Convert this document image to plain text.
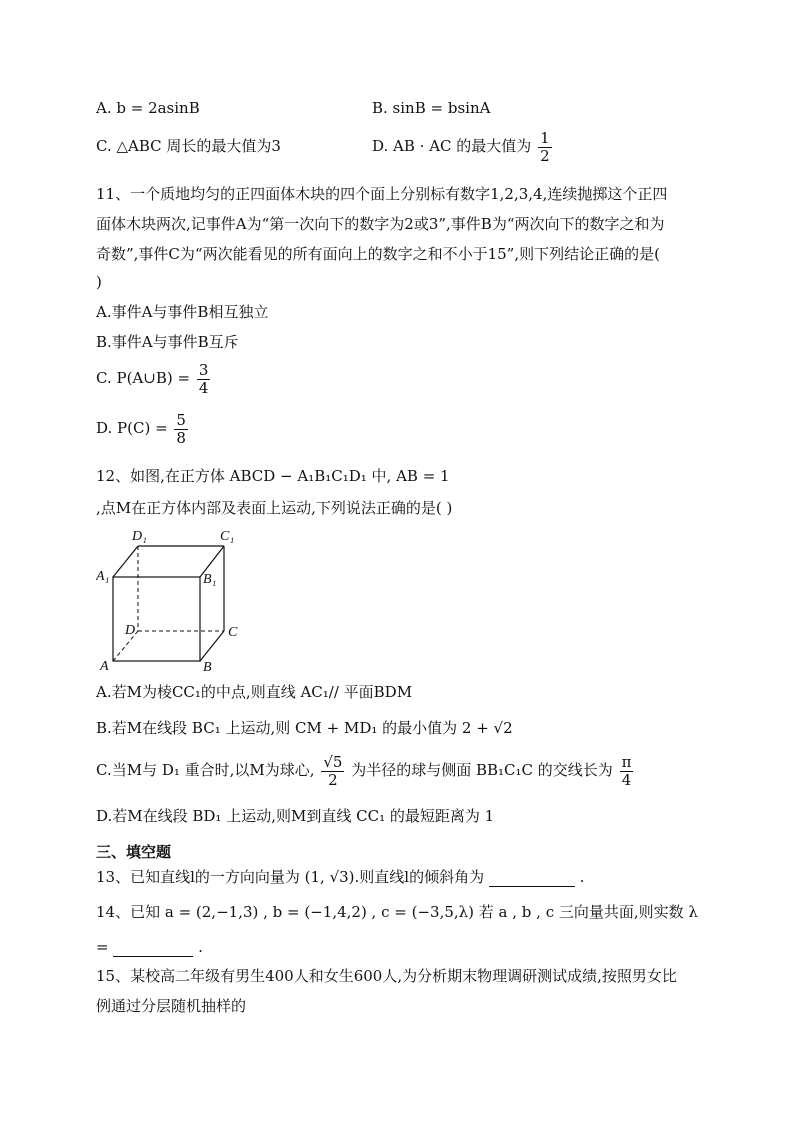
A. b = 2asinB	B. sinB = bsinA
C. △ABC 周长的最大值为3	D. AB · AC 的最大值为 $\frac{1}{2}$
11、一个质地均匀的正四面体木块的四个面上分别标有数字1,2,3,4,连续抛掷这个正四
面体木块两次,记事件A为“第一次向下的数字为2或3”,事件B为“两次向下的数字之和为
奇数”,事件C为“两次能看见的所有面向上的数字之和不小于15”,则下列结论正确的是(
)
A.事件A与事件B相互独立
B.事件A与事件B互斥
C. P(A∪B) = $\frac{3}{4}$
D. $P(C) = \frac{5}{8}$
12、如图,在正方体 ABCD − A₁B₁C₁D₁ 中, AB = 1
,点M在正方体内部及表面上运动,下列说法正确的是( )
D₁	C₁
A₁	B₁
D	C
A	B
A.若M为棱CC₁的中点,则直线 AC₁// 平面BDM
B.若M在线段 BC₁ 上运动,则 CM + MD₁ 的最小值为 2 + √2
C.当M与 D₁ 重合时,以M为球心, $\frac{√5}{2}$ 为半径的球与侧面 BB₁C₁C 的交线长为 $\frac{\pi}{4}$
D.若M在线段 BD₁ 上运动,则M到直线 CC₁ 的最短距离为 1
三、填空题
13、已知直线l的一方向向量为 (1, √3).则直线l的倾斜角为	.
14、已知 a = (2,−1,3) , b = (−1,4,2) , c = (−3,5,λ) 若 a , b , c 三向量共面,则实数 λ
=	.
15、某校高二年级有男生400人和女生600人,为分析期末物理调研测试成绩,按照男女比
例通过分层随机抽样的
